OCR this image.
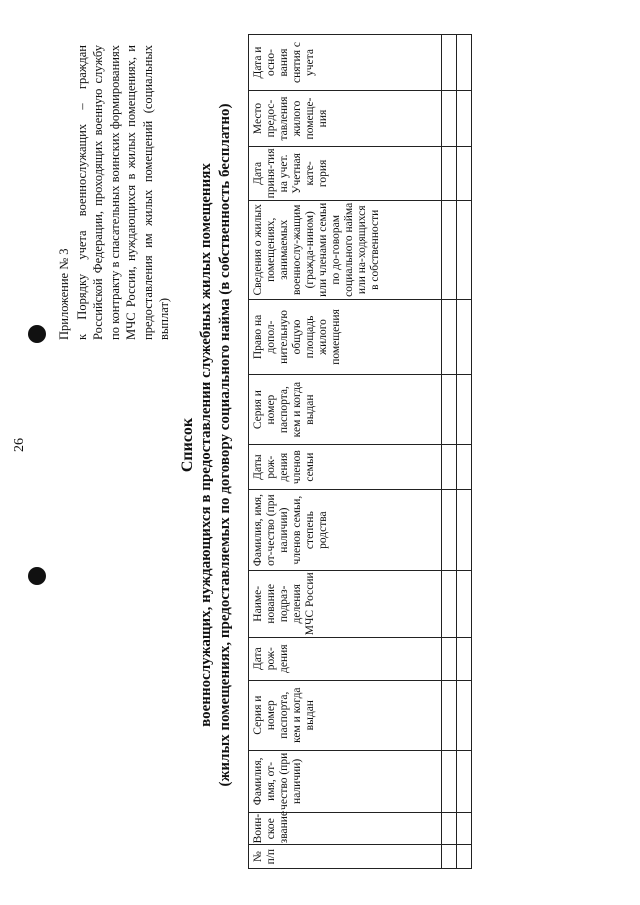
26
Приложение № 3 к Порядку учета военнослужащих – граждан Российской Федерации, проходящих военную службу по контракту в спасательных воинских формированиях МЧС России, нуждающихся в жилых помещениях, и предоставления им жилых помещений (социальных выплат)
Список военнослужащих, нуждающихся в предоставлении служебных жилых помещениях (жилых помещениях, предоставляемых по договору социального найма (в собственность бесплатно)
№ п/п	Воин-ское звание	Фамилия, имя, от-чество (при наличии)	Серия и номер паспорта, кем и когда выдан	Дата рож-дения	Наиме-нование подраз-деления МЧС России	Фамилия, имя, от-чество (при наличии) членов семьи, степень родства	Даты рож-дения членов семьи	Серия и номер паспорта, кем и когда выдан	Право на допол-нительную общую площадь жилого помещения	Сведения о жилых помещениях, занимаемых военнослу-жащим (гражда-нином) или членами семьи по до-говорам социального найма или на-ходящихся в собственности	Дата приня-тия на учет. Учетная кате-гория	Место предос-тавления жилого помеще-ния	Дата и осно-вания снятия с учета
